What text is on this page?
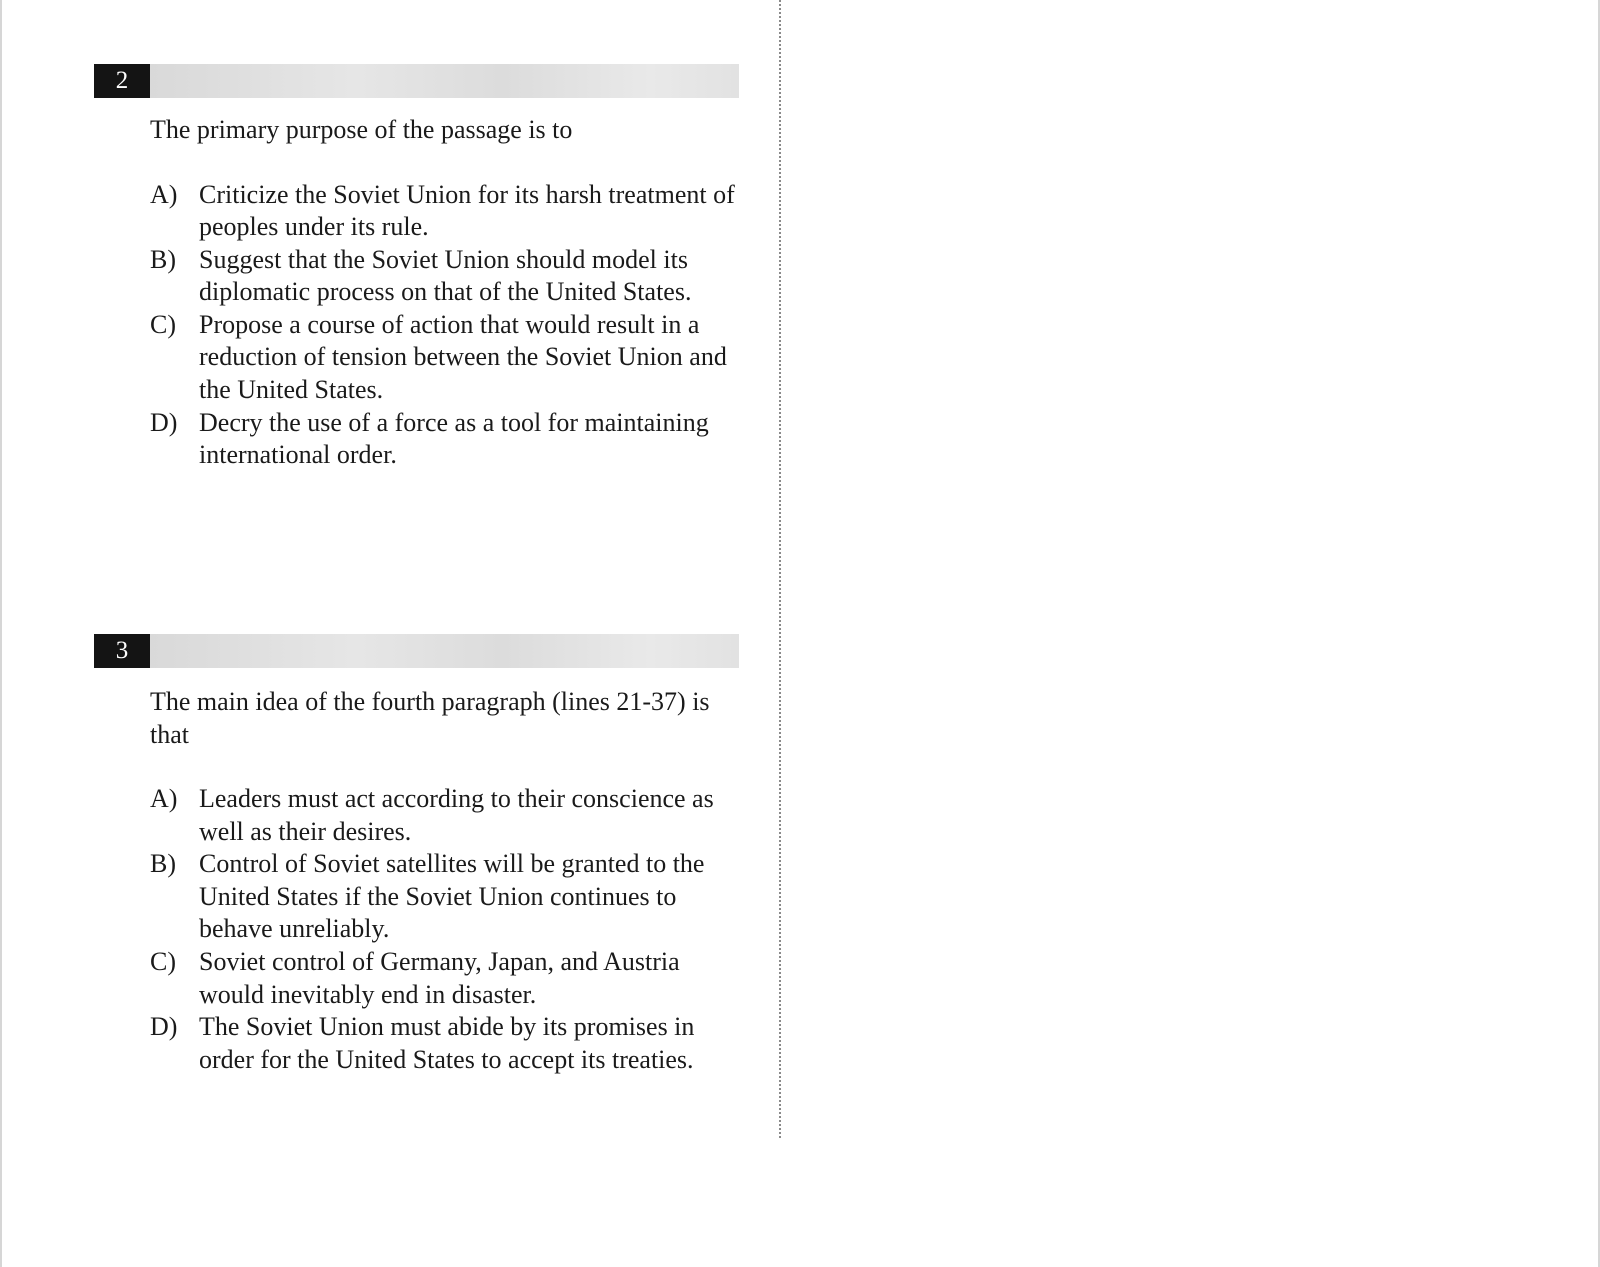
2
The primary purpose of the passage is to
A) Criticize the Soviet Union for its harsh treatment of peoples under its rule.
B) Suggest that the Soviet Union should model its diplomatic process on that of the United States.
C) Propose a course of action that would result in a reduction of tension between the Soviet Union and the United States.
D) Decry the use of a force as a tool for maintaining international order.
3
The main idea of the fourth paragraph (lines 21-37) is that
A) Leaders must act according to their conscience as well as their desires.
B) Control of Soviet satellites will be granted to the United States if the Soviet Union continues to behave unreliably.
C) Soviet control of Germany, Japan, and Austria would inevitably end in disaster.
D) The Soviet Union must abide by its promises in order for the United States to accept its treaties.
